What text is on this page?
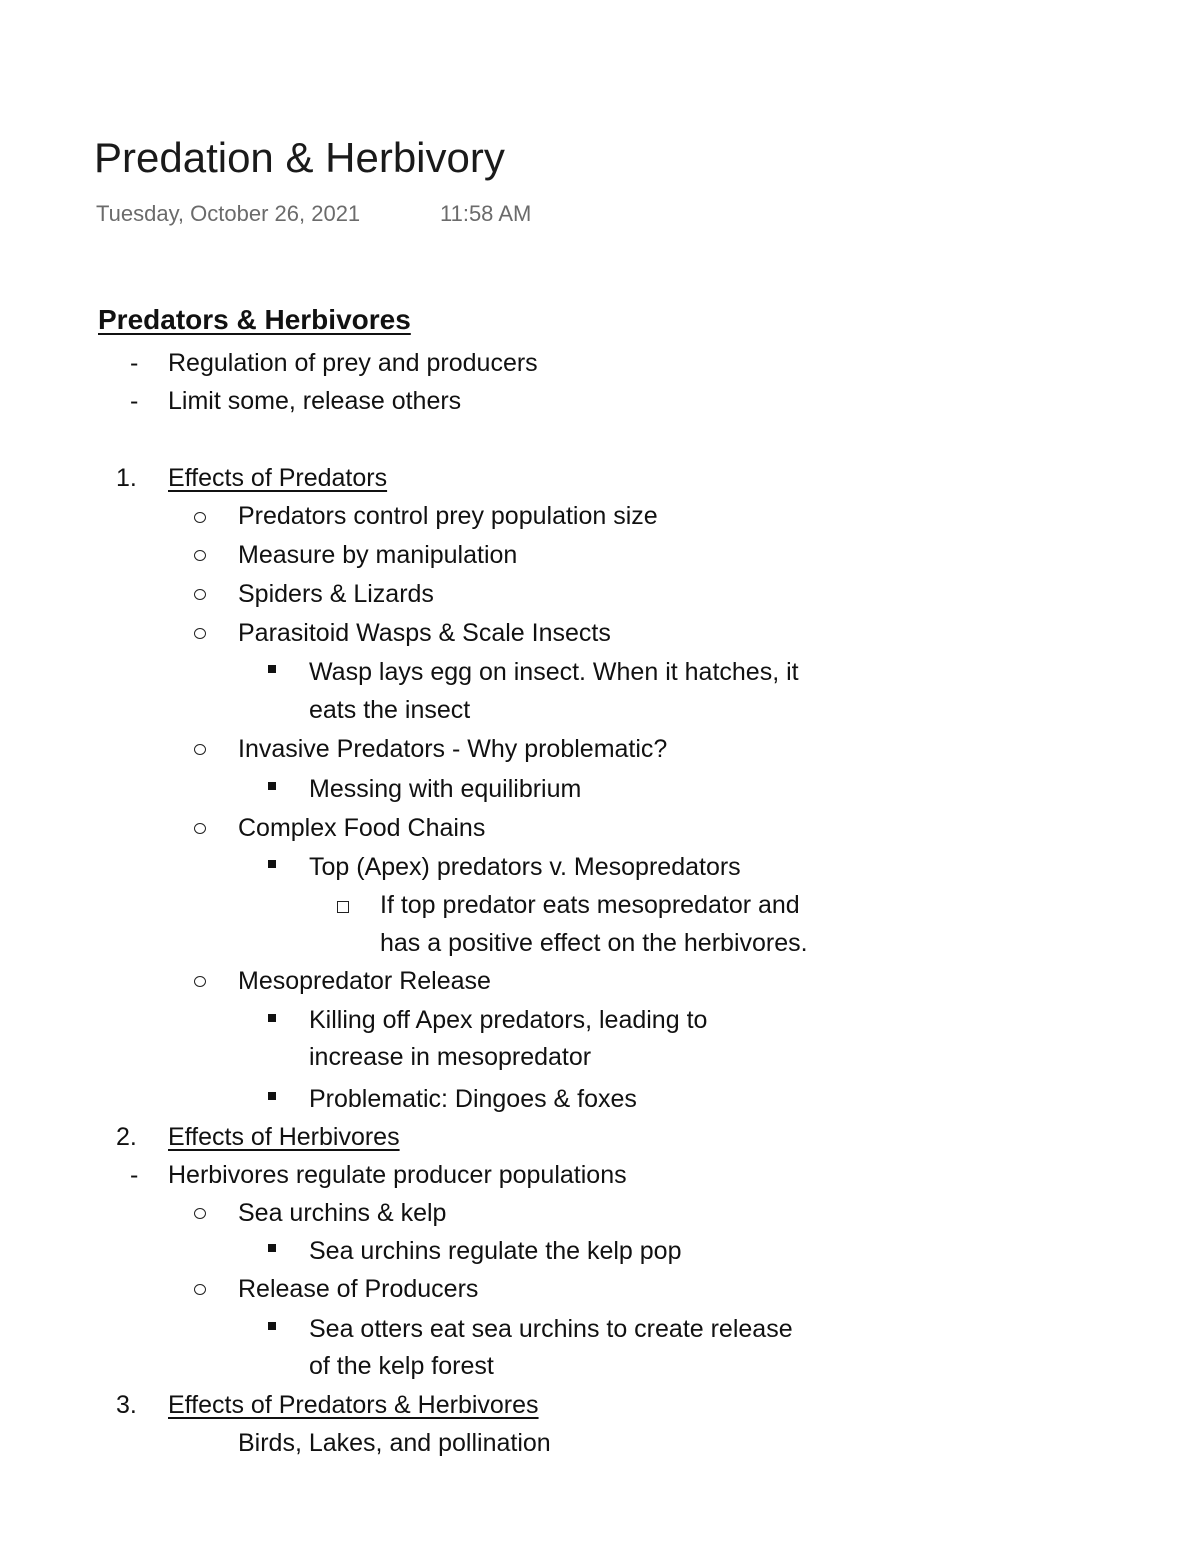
Predation & Herbivory
Tuesday, October 26, 2021	11:58 AM
Predators & Herbivores
- Regulation of prey and producers
- Limit some, release others
1. Effects of Predators
Predators control prey population size
Measure by manipulation
Spiders & Lizards
Parasitoid Wasps & Scale Insects
Wasp lays egg on insect. When it hatches, it
eats the insect
Invasive Predators - Why problematic?
Messing with equilibrium
Complex Food Chains
Top (Apex) predators v. Mesopredators
If top predator eats mesopredator and
has a positive effect on the herbivores.
Mesopredator Release
Killing off Apex predators, leading to
increase in mesopredator
Problematic: Dingoes & foxes
2. Effects of Herbivores
- Herbivores regulate producer populations
Sea urchins & kelp
Sea urchins regulate the kelp pop
Release of Producers
Sea otters eat sea urchins to create release
of the kelp forest
3. Effects of Predators & Herbivores
Birds, Lakes, and pollination
